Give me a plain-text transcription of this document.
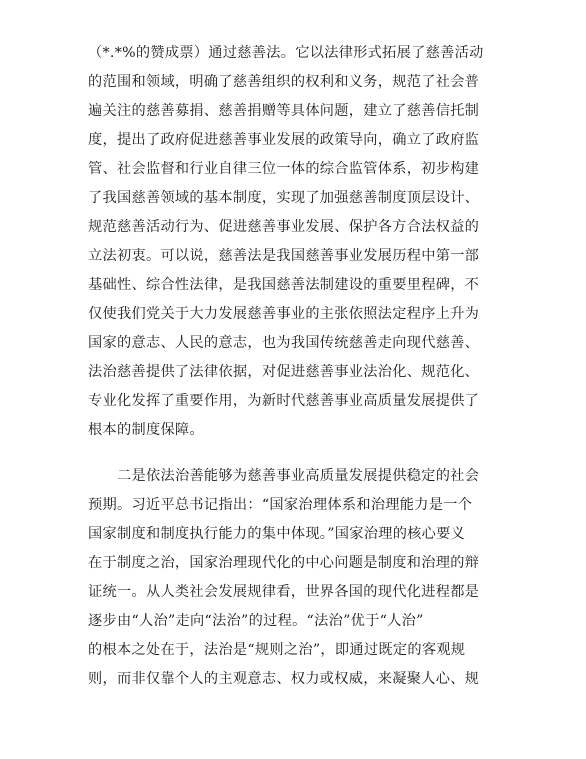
（*.*%的赞成票）通过慈善法。它以法律形式拓展了慈善活动
的范围和领域，明确了慈善组织的权利和义务，规范了社会普
遍关注的慈善募捐、慈善捐赠等具体问题，建立了慈善信托制
度，提出了政府促进慈善事业发展的政策导向，确立了政府监
管、社会监督和行业自律三位一体的综合监管体系，初步构建
了我国慈善领域的基本制度，实现了加强慈善制度顶层设计、
规范慈善活动行为、促进慈善事业发展、保护各方合法权益的
立法初衷。可以说，慈善法是我国慈善事业发展历程中第一部
基础性、综合性法律，是我国慈善法制建设的重要里程碑，不
仅使我们党关于大力发展慈善事业的主张依照法定程序上升为
国家的意志、人民的意志，也为我国传统慈善走向现代慈善、
法治慈善提供了法律依据，对促进慈善事业法治化、规范化、
专业化发挥了重要作用，为新时代慈善事业高质量发展提供了
根本的制度保障。
二是依法治善能够为慈善事业高质量发展提供稳定的社会
预期。习近平总书记指出：“国家治理体系和治理能力是一个
国家制度和制度执行能力的集中体现。”国家治理的核心要义
在于制度之治，国家治理现代化的中心问题是制度和治理的辩
证统一。从人类社会发展规律看，世界各国的现代化进程都是
逐步由“人治”走向“法治”的过程。“法治”优于“人治”
的根本之处在于，法治是“规则之治”，即通过既定的客观规
则，而非仅靠个人的主观意志、权力或权威，来凝聚人心、规
